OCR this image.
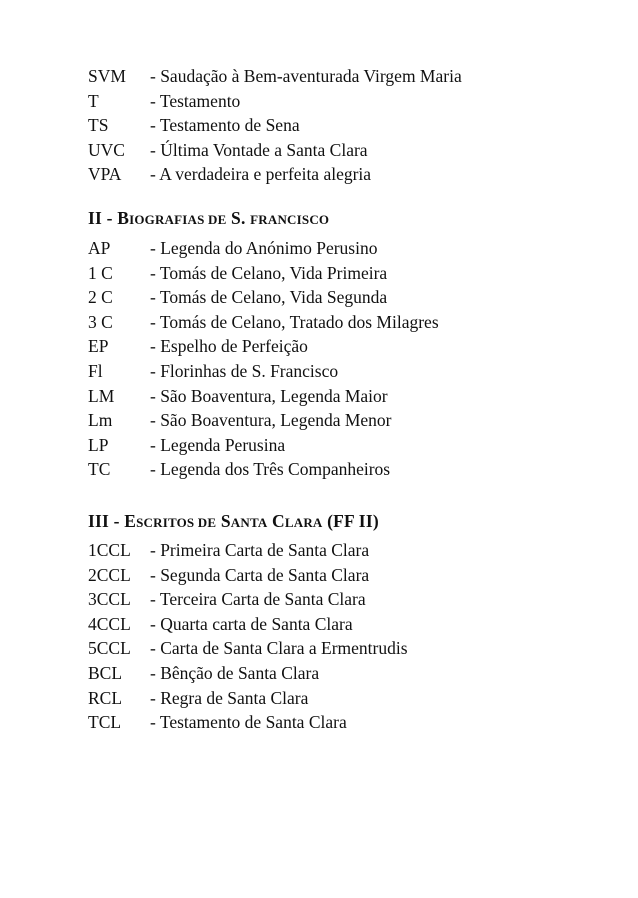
SVM	- Saudação à Bem-aventurada Virgem Maria
T	- Testamento
TS	- Testamento de Sena
UVC	- Última Vontade a Santa Clara
VPA	- A verdadeira e perfeita alegria
II - BIOGRAFIAS DE S. FRANCISCO
AP	- Legenda do Anónimo Perusino
1 C	- Tomás de Celano, Vida Primeira
2 C	- Tomás de Celano, Vida Segunda
3 C	- Tomás de Celano, Tratado dos Milagres
EP	- Espelho de Perfeição
Fl	- Florinhas de S. Francisco
LM	- São Boaventura, Legenda Maior
Lm	- São Boaventura, Legenda Menor
LP	- Legenda Perusina
TC	- Legenda dos Três Companheiros
III - ESCRITOS DE SANTA CLARA (FF II)
1CCL	- Primeira Carta de Santa Clara
2CCL	- Segunda Carta de Santa Clara
3CCL	- Terceira Carta de Santa Clara
4CCL	- Quarta carta de Santa Clara
5CCL	- Carta de Santa Clara a Ermentrudis
BCL	- Bênção de Santa Clara
RCL	- Regra de Santa Clara
TCL	- Testamento de Santa Clara
